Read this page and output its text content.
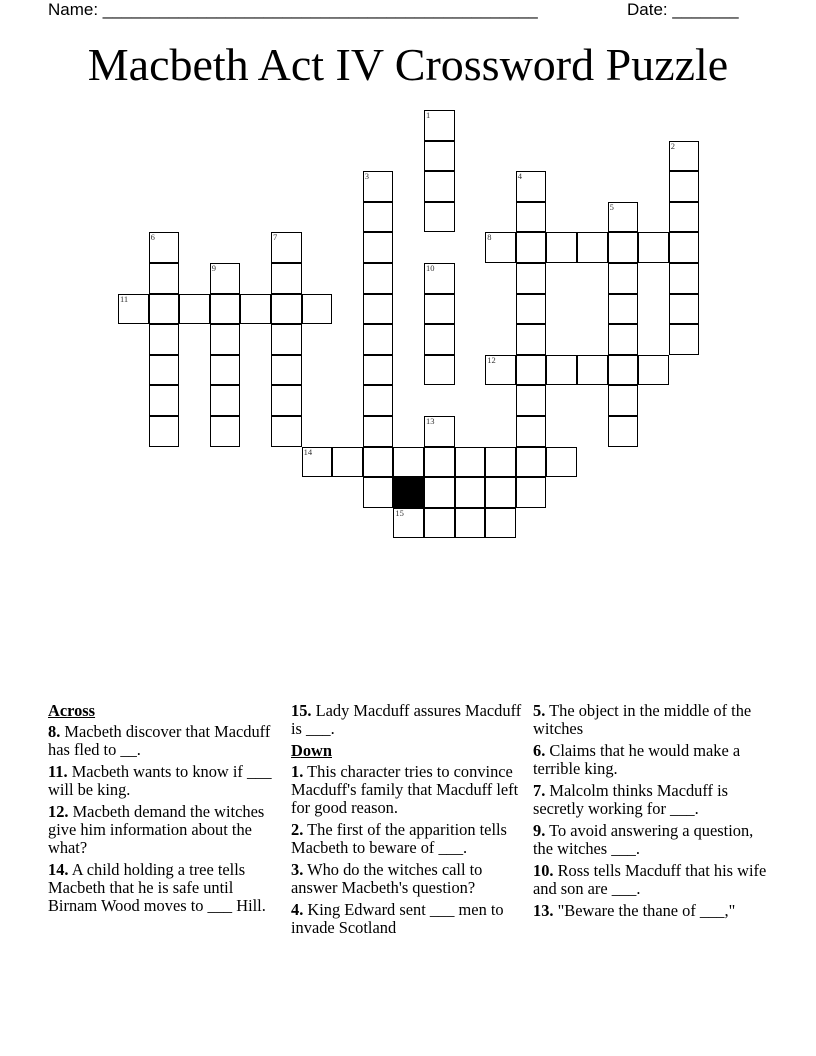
Name: ______________________________________________	Date: _______
Macbeth Act IV Crossword Puzzle
1
2
3	4
5
6	7	8
9	10
11
12
13
14
15
Across
8. Macbeth discover that Macduff has fled to __.
11. Macbeth wants to know if ___ will be king.
12. Macbeth demand the witches give him information about the what?
14. A child holding a tree tells Macbeth that he is safe until Birnam Wood moves to ___ Hill.
15. Lady Macduff assures Macduff is ___.
Down
1. This character tries to convince Macduff's family that Macduff left for good reason.
2. The first of the apparition tells Macbeth to beware of ___.
3. Who do the witches call to answer Macbeth's question?
4. King Edward sent ___ men to invade Scotland
5. The object in the middle of the witches
6. Claims that he would make a terrible king.
7. Malcolm thinks Macduff is secretly working for ___.
9. To avoid answering a question, the witches ___.
10. Ross tells Macduff that his wife and son are ___.
13. "Beware the thane of ___,"
